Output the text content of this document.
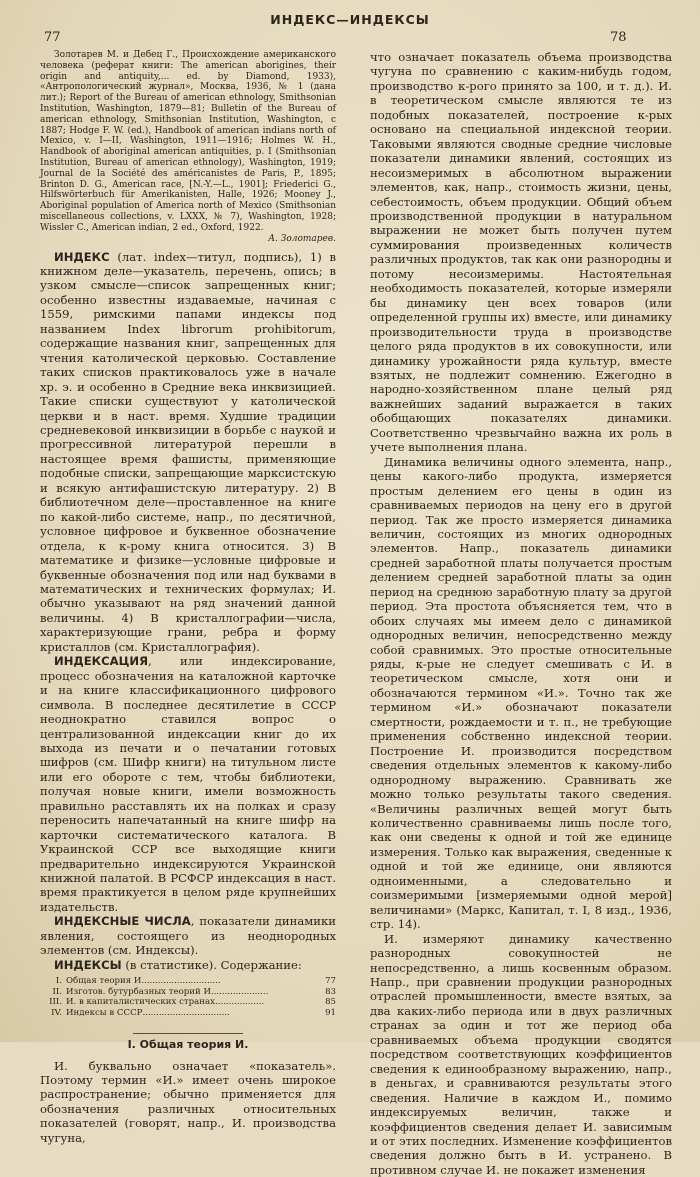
77
ИНДЕКС—ИНДЕКСЫ
78

Золотарев М. и Дебец Г., Происхождение американского человека (реферат книги: The american aborigines, their origin and antiquity,... ed. by Diamond, 1933), «Антропологический журнал», Москва, 1936, № 1 (дана лит.); Report of the Bureau of american ethnology, Smithsonian Institution, Washington, 1879—81; Bulletin of the Bureau of american ethnology, Smithsonian Institution, Washington, с 1887; Hodge F. W. (ed.), Handbook of american indians north of Mexico, v. I—II, Washington, 1911—1916; Holmes W. H., Handbook of aboriginal american antiquities, p. I (Smithsonian Institution, Bureau of american ethnology), Washington, 1919; Journal de la Société des américanistes de Paris, P., 1895; Brinton D. G., American race, [N.-Y.—L., 1901]; Friederici G., Hilfswörterbuch für Amerikanisten, Halle, 1926; Mooney J., Aboriginal population of America north of Mexico (Smithsonian miscellaneous collections, v. LXXX, № 7), Washington, 1928; Wissler C., American indian, 2 ed., Oxford, 1922.

А. Золотарев.

ИНДЕКС (лат. index—титул, подпись), 1) в книжном деле—указатель, перечень, опись; в узком смысле—список запрещенных книг; особенно известны издаваемые, начиная с 1559, римскими папами индексы под названием Index librorum prohibitorum, содержащие названия книг, запрещенных для чтения католической церковью. Составление таких списков практиковалось уже в начале хр. э. и особенно в Средние века инквизицией. Такие списки существуют у католической церкви и в наст. время. Худшие традиции средневековой инквизиции в борьбе с наукой и прогрессивной литературой перешли в настоящее время фашисты, применяющие подобные списки, запрещающие марксистскую и всякую антифашистскую литературу. 2) В библиотечном деле—проставленное на книге по какой-либо системе, напр., по десятичной, условное цифровое и буквенное обозначение отдела, к к-рому книга относится. 3) В математике и физике—условные цифровые и буквенные обозначения под или над буквами в математических и технических формулах; И. обычно указывают на ряд значений данной величины. 4) В кристаллографии—числа, характеризующие грани, ребра и форму кристаллов (см. Кристаллография).

ИНДЕКСАЦИЯ, или индексирование, процесс обозначения на каталожной карточке и на книге классификационного цифрового символа. В последнее десятилетие в СССР неоднократно ставился вопрос о централизованной индексации книг до их выхода из печати и о печатании готовых шифров (см. Шифр книги) на титульном листе или его обороте с тем, чтобы библиотеки, получая новые книги, имели возможность правильно расставлять их на полках и сразу переносить напечатанный на книге шифр на карточки систематического каталога. В Украинской ССР все выходящие книги предварительно индексируются Украинской книжной палатой. В РСФСР индексация в наст. время практикуется в целом ряде крупнейших издательств.

ИНДЕКСНЫЕ ЧИСЛА, показатели динамики явления, состоящего из неоднородных элементов (см. Индексы).

ИНДЕКСЫ (в статистике). Содержание:

I. Общая теория И. ............................	77
II. Изготов. бутурбазных теорий И. ....................	83
III. И. в капиталистических странах ..................	85
IV. Индексы в СССР ................................	91
I. Общая теория И.

И. буквально означает «показатель». Поэтому термин «И.» имеет очень широкое распространение; обычно применяется для обозначения различных относительных показателей (говорят, напр., И. производства чугуна,

что означает показатель объема производства чугуна по сравнению с каким-нибудь годом, производство к-рого принято за 100, и т. д.). И. в теоретическом смысле являются те из подобных показателей, построение к-рых основано на специальной индексной теории. Таковыми являются сводные средние числовые показатели динамики явлений, состоящих из несоизмеримых в абсолютном выражении элементов, как, напр., стоимость жизни, цены, себестоимость, объем продукции. Общий объем производственной продукции в натуральном выражении не может быть получен путем суммирования произведенных количеств различных продуктов, так как они разнородны и потому несоизмеримы. Настоятельная необходимость показателей, которые измеряли бы динамику цен всех товаров (или определенной группы их) вместе, или динамику производительности труда в производстве целого ряда продуктов в их совокупности, или динамику урожайности ряда культур, вместе взятых, не подлежит сомнению. Ежегодно в народно-хозяйственном плане целый ряд важнейших заданий выражается в таких обобщающих показателях динамики. Соответственно чрезвычайно важна их роль в учете выполнения плана.

Динамика величины одного элемента, напр., цены какого-либо продукта, измеряется простым делением его цены в один из сравниваемых периодов на цену его в другой период. Так же просто измеряется динамика величин, состоящих из многих однородных элементов. Напр., показатель динамики средней заработной платы получается простым делением средней заработной платы за один период на среднюю заработную плату за другой период. Эта простота объясняется тем, что в обоих случаях мы имеем дело с динамикой однородных величин, непосредственно между собой сравнимых. Это простые относительные ряды, к-рые не следует смешивать с И. в теоретическом смысле, хотя они и обозначаются термином «И.». Точно так же термином «И.» обозначают показатели смертности, рождаемости и т. п., не требующие применения собственно индексной теории. Построение И. производится посредством сведения отдельных элементов к какому-либо однородному выражению. Сравнивать же можно только результаты такого сведения. «Величины различных вещей могут быть количественно сравниваемы лишь после того, как они сведены к одной и той же единице измерения. Только как выражения, сведенные к одной и той же единице, они являются одноименными, а следовательно и соизмеримыми [измеряемыми одной мерой] величинами» (Маркс, Капитал, т. I, 8 изд., 1936, стр. 14).

И. измеряют динамику качественно разнородных совокупностей не непосредственно, а лишь косвенным образом. Напр., при сравнении продукции разнородных отраслей промышленности, вместе взятых, за два каких-либо периода или в двух различных странах за один и тот же период оба сравниваемых объема продукции сводятся посредством соответствующих коэффициентов сведения к единообразному выражению, напр., в деньгах, и сравниваются результаты этого сведения. Наличие в каждом И., помимо индексируемых величин, также и коэффициентов сведения делает И. зависимым и от этих последних. Изменение коэффициентов сведения должно быть в И. устранено. В противном случае И. не покажет изменения
